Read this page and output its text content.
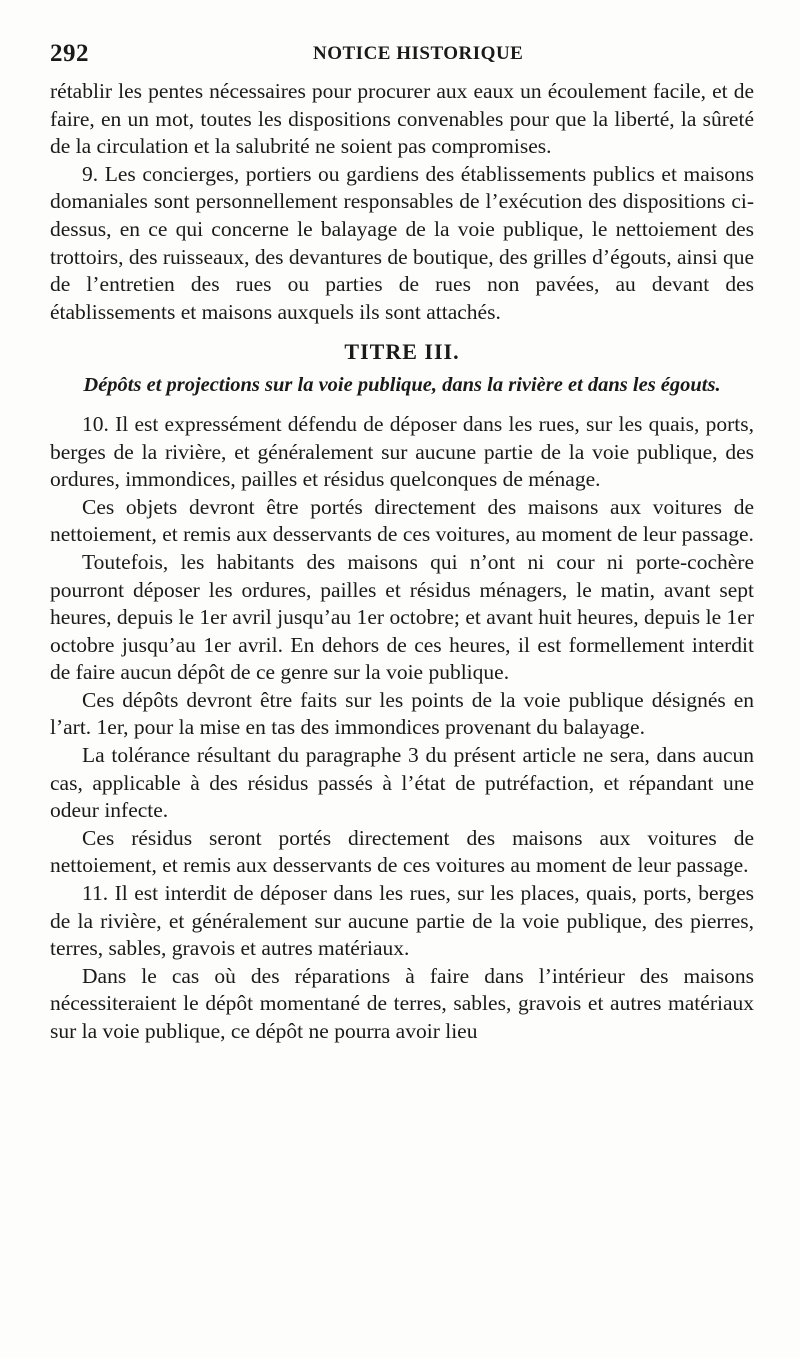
292	NOTICE HISTORIQUE

rétablir les pentes nécessaires pour procurer aux eaux un écoulement facile, et de faire, en un mot, toutes les dispositions convenables pour que la liberté, la sûreté de la circulation et la salubrité ne soient pas compromises.

9. Les concierges, portiers ou gardiens des établissements publics et maisons domaniales sont personnellement responsables de l’exécution des dispositions ci-dessus, en ce qui concerne le balayage de la voie publique, le nettoiement des trottoirs, des ruisseaux, des devantures de boutique, des grilles d’égouts, ainsi que de l’entretien des rues ou parties de rues non pavées, au devant des établissements et maisons auxquels ils sont attachés.

TITRE III.

Dépôts et projections sur la voie publique, dans la rivière et dans les égouts.

10. Il est expressément défendu de déposer dans les rues, sur les quais, ports, berges de la rivière, et généralement sur aucune partie de la voie publique, des ordures, immondices, pailles et résidus quelconques de ménage.

Ces objets devront être portés directement des maisons aux voitures de nettoiement, et remis aux desservants de ces voitures, au moment de leur passage.

Toutefois, les habitants des maisons qui n’ont ni cour ni porte-cochère pourront déposer les ordures, pailles et résidus ménagers, le matin, avant sept heures, depuis le 1er avril jusqu’au 1er octobre; et avant huit heures, depuis le 1er octobre jusqu’au 1er avril. En dehors de ces heures, il est formellement interdit de faire aucun dépôt de ce genre sur la voie publique.

Ces dépôts devront être faits sur les points de la voie publique désignés en l’art. 1er, pour la mise en tas des immondices provenant du balayage.

La tolérance résultant du paragraphe 3 du présent article ne sera, dans aucun cas, applicable à des résidus passés à l’état de putréfaction, et répandant une odeur infecte.

Ces résidus seront portés directement des maisons aux voitures de nettoiement, et remis aux desservants de ces voitures au moment de leur passage.

11. Il est interdit de déposer dans les rues, sur les places, quais, ports, berges de la rivière, et généralement sur aucune partie de la voie publique, des pierres, terres, sables, gravois et autres matériaux.

Dans le cas où des réparations à faire dans l’intérieur des maisons nécessiteraient le dépôt momentané de terres, sables, gravois et autres matériaux sur la voie publique, ce dépôt ne pourra avoir lieu
